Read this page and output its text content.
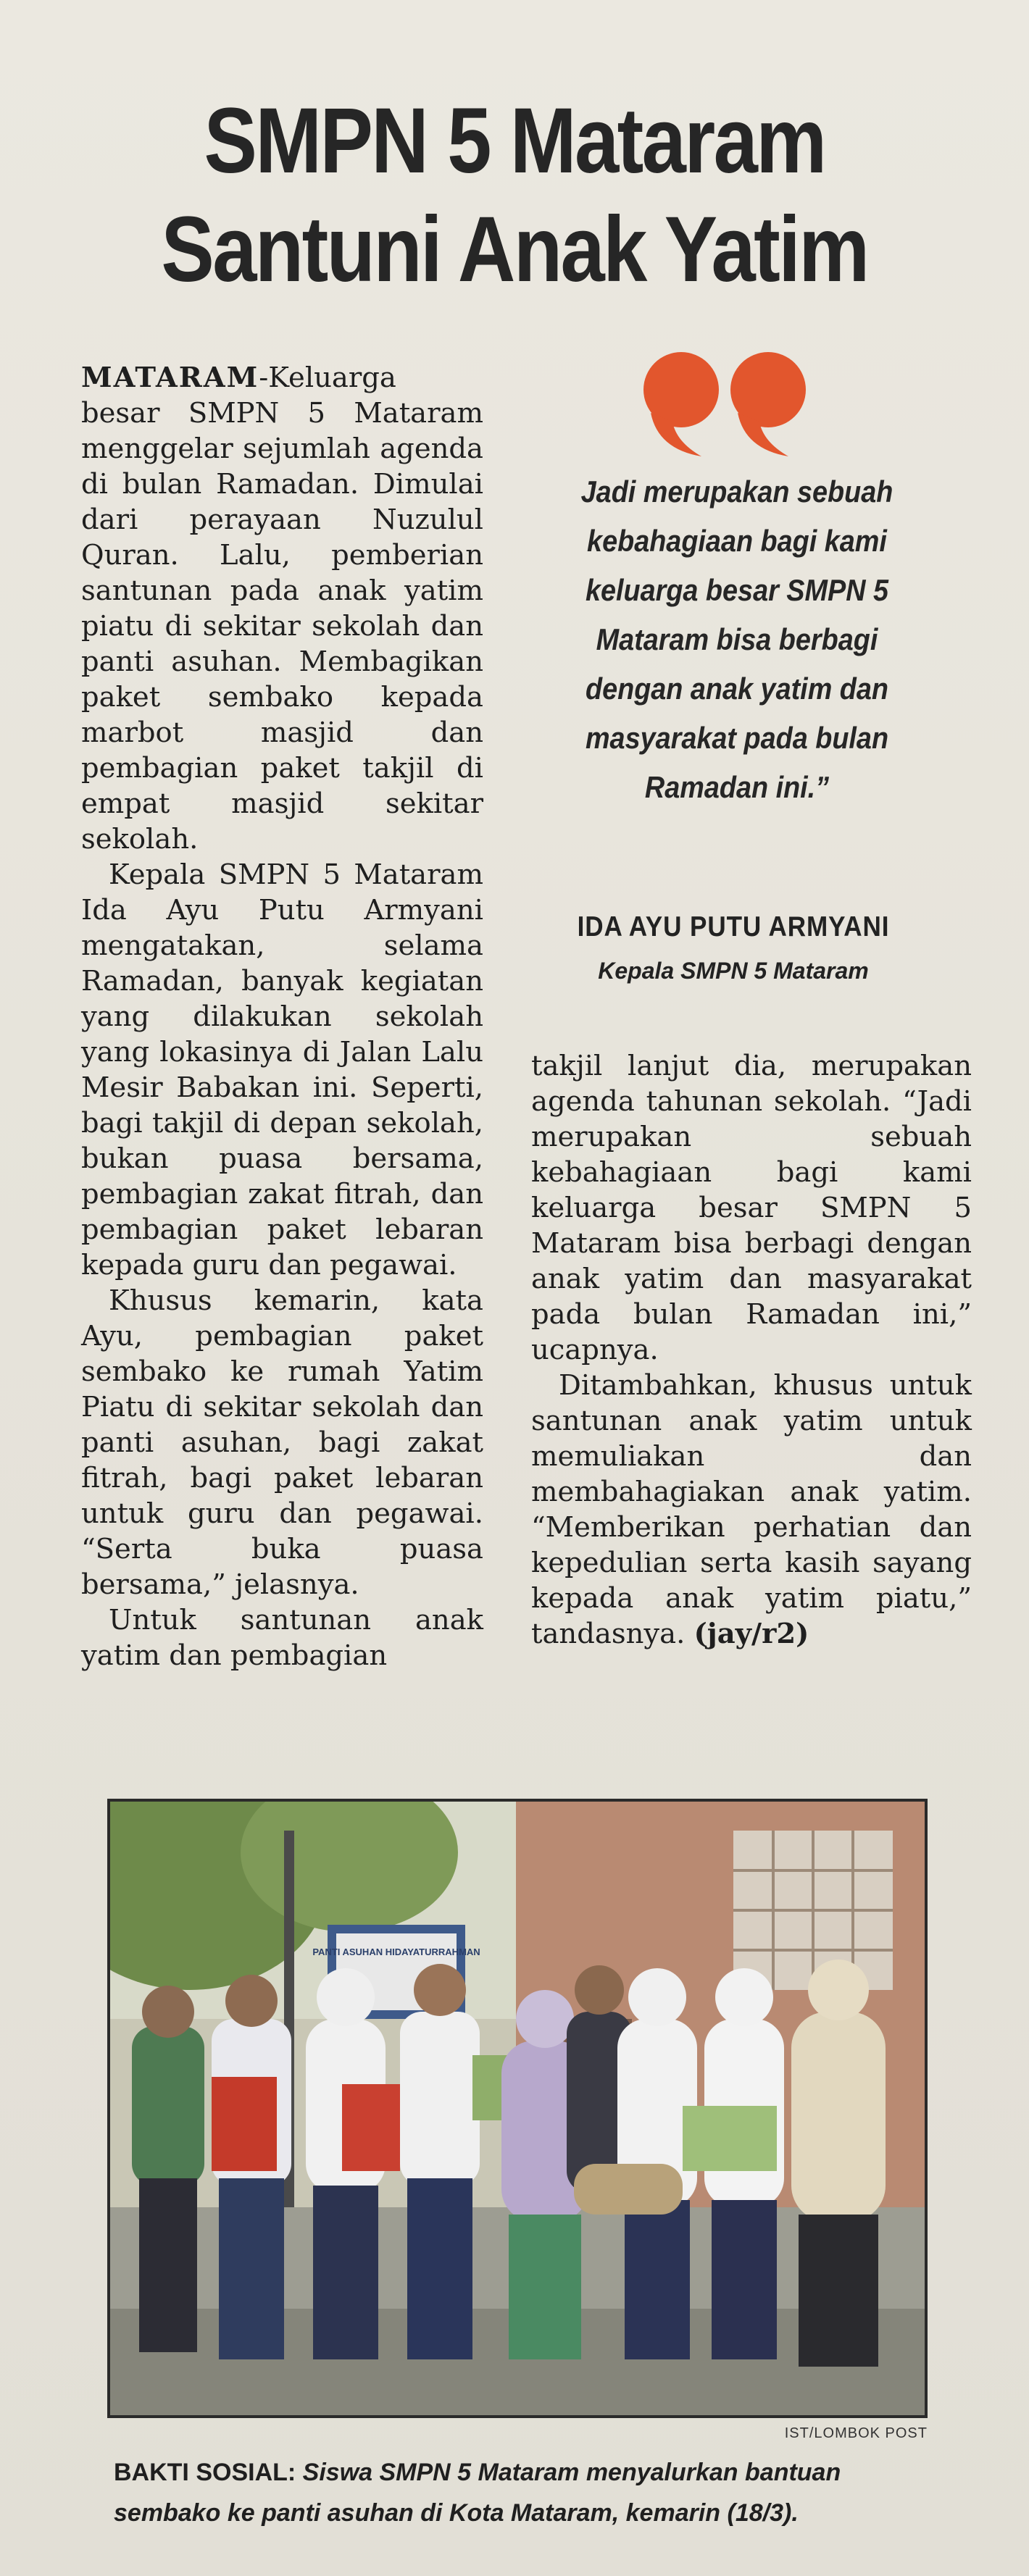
SMPN 5 Mataram
Santuni Anak Yatim

MATARAM-Keluarga besar SMPN 5 Mataram menggelar sejumlah agenda di bulan Ramadan. Dimulai dari perayaan Nuzulul Quran. Lalu, pemberian santunan pada anak yatim piatu di sekitar sekolah dan panti asuhan. Membagikan paket sembako kepada marbot masjid dan pembagian paket takjil di empat masjid sekitar sekolah.

Kepala SMPN 5 Mataram Ida Ayu Putu Armyani mengatakan, selama Ramadan, banyak kegiatan yang dilakukan sekolah yang lokasinya di Jalan Lalu Mesir Babakan ini. Seperti, bagi takjil di depan sekolah, bukan puasa bersama, pembagian zakat fitrah, dan pembagian paket lebaran kepada guru dan pegawai.

Khusus kemarin, kata Ayu, pembagian paket sembako ke rumah Yatim Piatu di sekitar sekolah dan panti asuhan, bagi zakat fitrah, bagi paket lebaran untuk guru dan pegawai. “Serta buka puasa bersama,” jelasnya.

Untuk santunan anak yatim dan pembagian

Jadi merupakan sebuah
kebahagiaan bagi kami
keluarga besar SMPN 5
Mataram bisa berbagi
dengan anak yatim dan
masyarakat pada bulan
Ramadan ini.”
IDA AYU PUTU ARMYANI
Kepala SMPN 5 Mataram

takjil lanjut dia, merupakan agenda tahunan sekolah. “Jadi merupakan sebuah kebahagiaan bagi kami keluarga besar SMPN 5 Mataram bisa berbagi dengan anak yatim dan masyarakat pada bulan Ramadan ini,” ucapnya.

Ditambahkan, khusus untuk santunan anak yatim untuk memuliakan dan membahagiakan anak yatim. “Memberikan perhatian dan kepedulian serta kasih sayang kepada anak yatim piatu,” tandasnya. (jay/r2)

PANTI ASUHAN HIDAYATURRAHMAN
IST/LOMBOK POST
BAKTI SOSIAL: Siswa SMPN 5 Mataram menyalurkan bantuan
sembako ke panti asuhan di Kota Mataram, kemarin (18/3).
